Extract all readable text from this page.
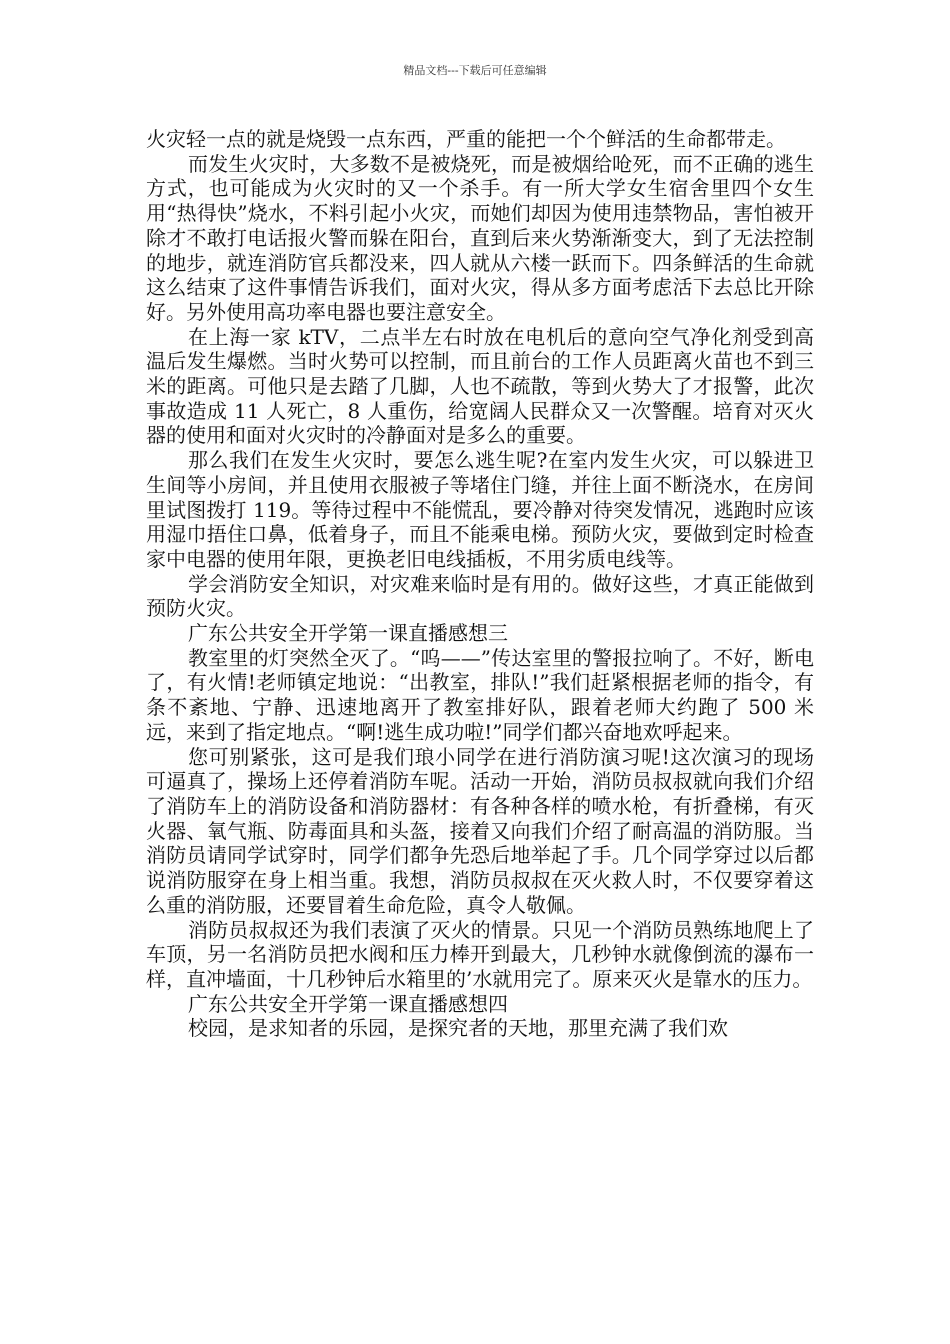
精品文档---下载后可任意编辑

火灾轻一点的就是烧毁一点东西，严重的能把一个个鲜活的生命都带走。

而发生火灾时，大多数不是被烧死，而是被烟给呛死，而不正确的逃生方式，也可能成为火灾时的又一个杀手。有一所大学女生宿舍里四个女生用“热得快”烧水，不料引起小火灾，而她们却因为使用违禁物品，害怕被开除才不敢打电话报火警而躲在阳台，直到后来火势渐渐变大，到了无法控制的地步，就连消防官兵都没来，四人就从六楼一跃而下。四条鲜活的生命就这么结束了这件事情告诉我们，面对火灾，得从多方面考虑活下去总比开除好。另外使用高功率电器也要注意安全。

在上海一家 kTV，二点半左右时放在电机后的意向空气净化剂受到高温后发生爆燃。当时火势可以控制，而且前台的工作人员距离火苗也不到三米的距离。可他只是去踏了几脚，人也不疏散，等到火势大了才报警，此次事故造成 11 人死亡，8 人重伤，给宽阔人民群众又一次警醒。培育对灭火器的使用和面对火灾时的冷静面对是多么的重要。

那么我们在发生火灾时，要怎么逃生呢?在室内发生火灾，可以躲进卫生间等小房间，并且使用衣服被子等堵住门缝，并往上面不断浇水，在房间里试图拨打 119。等待过程中不能慌乱，要冷静对待突发情况，逃跑时应该用湿巾捂住口鼻，低着身子，而且不能乘电梯。预防火灾，要做到定时检查家中电器的使用年限，更换老旧电线插板，不用劣质电线等。

学会消防安全知识，对灾难来临时是有用的。做好这些，才真正能做到预防火灾。

广东公共安全开学第一课直播感想三

教室里的灯突然全灭了。“呜——”传达室里的警报拉响了。不好，断电了，有火情!老师镇定地说：“出教室，排队!”我们赶紧根据老师的指令，有条不紊地、宁静、迅速地离开了教室排好队，跟着老师大约跑了 500 米远，来到了指定地点。“啊!逃生成功啦!”同学们都兴奋地欢呼起来。

您可别紧张，这可是我们琅小同学在进行消防演习呢!这次演习的现场可逼真了，操场上还停着消防车呢。活动一开始，消防员叔叔就向我们介绍了消防车上的消防设备和消防器材：有各种各样的喷水枪，有折叠梯，有灭火器、氧气瓶、防毒面具和头盔，接着又向我们介绍了耐高温的消防服。当消防员请同学试穿时，同学们都争先恐后地举起了手。几个同学穿过以后都说消防服穿在身上相当重。我想，消防员叔叔在灭火救人时，不仅要穿着这么重的消防服，还要冒着生命危险，真令人敬佩。

消防员叔叔还为我们表演了灭火的情景。只见一个消防员熟练地爬上了车顶，另一名消防员把水阀和压力棒开到最大，几秒钟水就像倒流的瀑布一样，直冲墙面，十几秒钟后水箱里的’水就用完了。原来灭火是靠水的压力。

广东公共安全开学第一课直播感想四

校园，是求知者的乐园，是探究者的天地，那里充满了我们欢
